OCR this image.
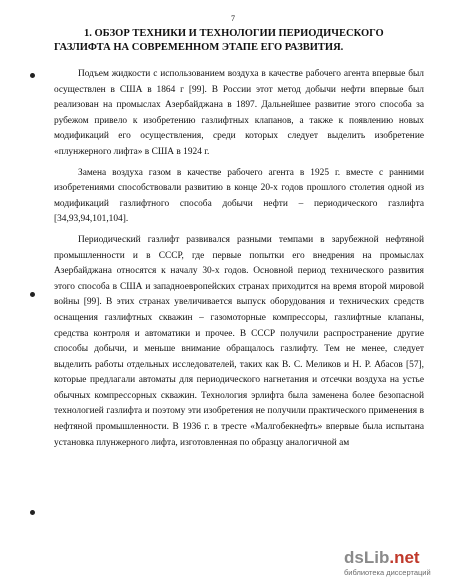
7

1. ОБЗОР ТЕХНИКИ И ТЕХНОЛОГИИ ПЕРИОДИЧЕСКОГО ГАЗЛИФТА НА СОВРЕМЕННОМ ЭТАПЕ ЕГО РАЗВИТИЯ.

Подъем жидкости с использованием воздуха в качестве рабочего агента впервые был осуществлен в США в 1864 г [99]. В России этот метод добычи нефти впервые был реализован на промыслах Азербайджана в 1897. Дальнейшее развитие этого способа за рубежом привело к изобретению газлифтных клапанов, а также к появлению новых модификаций его осуществления, среди которых следует выделить изобретение «плунжерного лифта» в США в 1924 г.

Замена воздуха газом в качестве рабочего агента в 1925 г. вместе с ранними изобретениями способствовали развитию в конце 20-х годов прошлого столетия одной из модификаций газлифтного способа добычи нефти – периодического газлифта [34,93,94,101,104].

Периодический газлифт развивался разными темпами в зарубежной нефтяной промышленности и в СССР, где первые попытки его внедрения на промыслах Азербайджана относятся к началу 30-х годов. Основной период технического развития этого способа в США и западноевропейских странах приходится на время второй мировой войны [99]. В этих странах увеличивается выпуск оборудования и технических средств оснащения газлифтных скважин – газомоторные компрессоры, газлифтные клапаны, средства контроля и автоматики и прочее. В СССР получили распространение другие способы добычи, и меньше внимание обращалось газлифту. Тем не менее, следует выделить работы отдельных исследователей, таких как В. С. Меликов и Н. Р. Абасов [57], которые предлагали автоматы для периодического нагнетания и отсечки воздуха на устье обычных компрессорных скважин. Технология эрлифта была заменена более безопасной технологией газлифта и поэтому эти изобретения не получили практического применения в нефтяной промышленности. В 1936 г. в тресте «Малгобекнефть» впервые была испытана установка плунжерного лифта, изготовленная по образцу аналогичной ам

dsLib.net
библиотека диссертаций
